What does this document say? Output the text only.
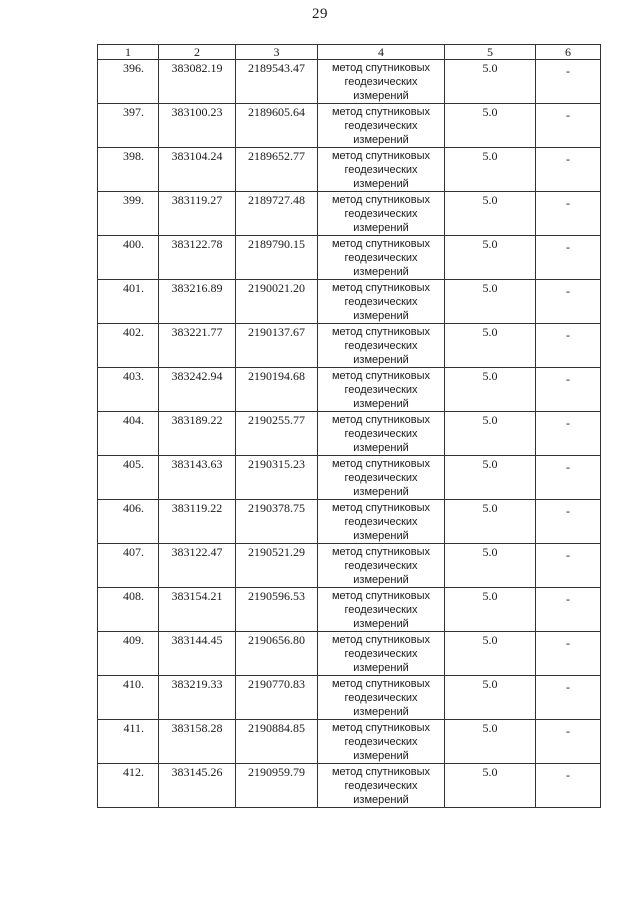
29
1	2	3	4	5	6
396.	383082.19	2189543.47	метод спутниковых геодезических измерений	5.0	-
397.	383100.23	2189605.64	метод спутниковых геодезических измерений	5.0	-
398.	383104.24	2189652.77	метод спутниковых геодезических измерений	5.0	-
399.	383119.27	2189727.48	метод спутниковых геодезических измерений	5.0	-
400.	383122.78	2189790.15	метод спутниковых геодезических измерений	5.0	-
401.	383216.89	2190021.20	метод спутниковых геодезических измерений	5.0	-
402.	383221.77	2190137.67	метод спутниковых геодезических измерений	5.0	-
403.	383242.94	2190194.68	метод спутниковых геодезических измерений	5.0	-
404.	383189.22	2190255.77	метод спутниковых геодезических измерений	5.0	-
405.	383143.63	2190315.23	метод спутниковых геодезических измерений	5.0	-
406.	383119.22	2190378.75	метод спутниковых геодезических измерений	5.0	-
407.	383122.47	2190521.29	метод спутниковых геодезических измерений	5.0	-
408.	383154.21	2190596.53	метод спутниковых геодезических измерений	5.0	-
409.	383144.45	2190656.80	метод спутниковых геодезических измерений	5.0	-
410.	383219.33	2190770.83	метод спутниковых геодезических измерений	5.0	-
411.	383158.28	2190884.85	метод спутниковых геодезических измерений	5.0	-
412.	383145.26	2190959.79	метод спутниковых геодезических измерений	5.0	-
